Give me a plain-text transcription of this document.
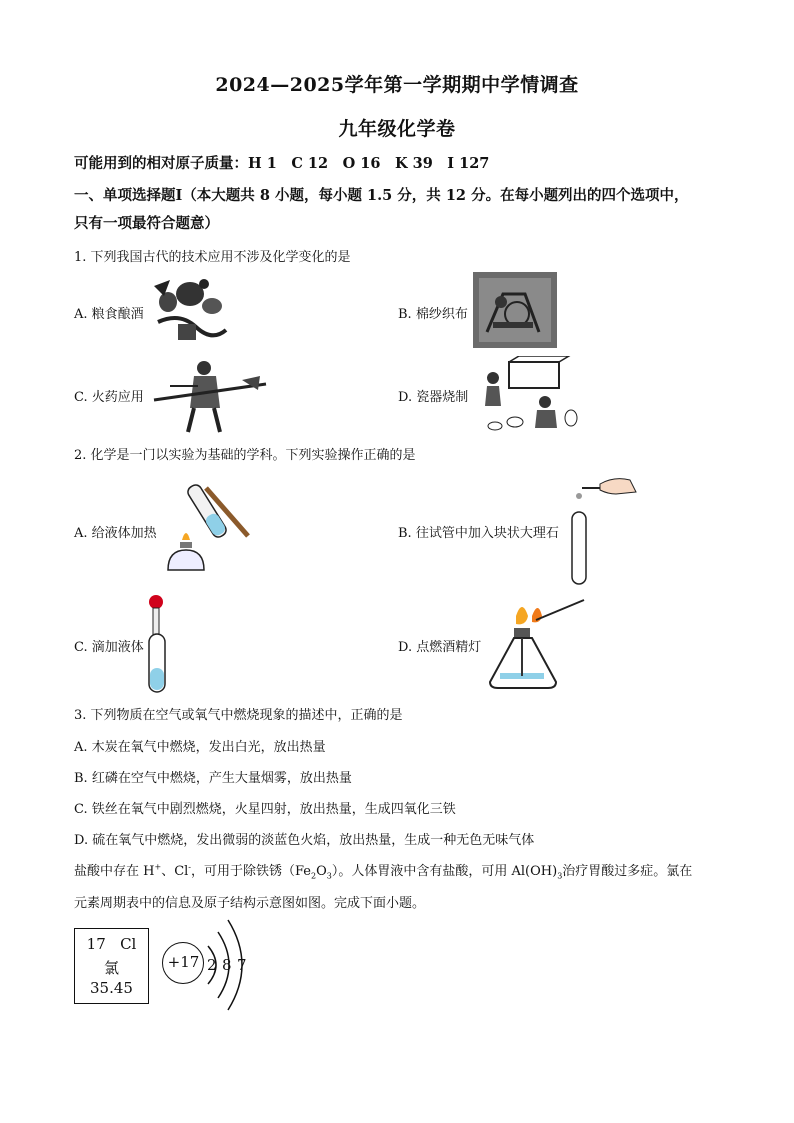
2024—2025学年第一学期期中学情调查
九年级化学卷
可能用到的相对原子质量：H 1　C 12　O 16　K 39　I 127
一、单项选择题Ⅰ（本大题共 8 小题，每小题 1.5 分，共 12 分。在每小题列出的四个选项中，
只有一项最符合题意）
1. 下列我国古代的技术应用不涉及化学变化的是
A. 粮食酿酒	B. 棉纱织布
C. 火药应用	D. 瓷器烧制
2. 化学是一门以实验为基础的学科。下列实验操作正确的是
A. 给液体加热	B. 往试管中加入块状大理石
C. 滴加液体	D. 点燃酒精灯
3. 下列物质在空气或氧气中燃烧现象的描述中，正确的是
A. 木炭在氧气中燃烧，发出白光，放出热量
B. 红磷在空气中燃烧，产生大量烟雾，放出热量
C. 铁丝在氧气中剧烈燃烧，火星四射，放出热量，生成四氧化三铁
D. 硫在氧气中燃烧，发出微弱的淡蓝色火焰，放出热量，生成一种无色无味气体
盐酸中存在 H+、Cl-，可用于除铁锈$(Fe_2O_3)$。人体胃液中含有盐酸，可用 $Al(OH)_3$治疗胃酸过多症。氯在
元素周期表中的信息及原子结构示意图如图。完成下面小题。
17 Cl
氯
35.45
+17 2 8 7
